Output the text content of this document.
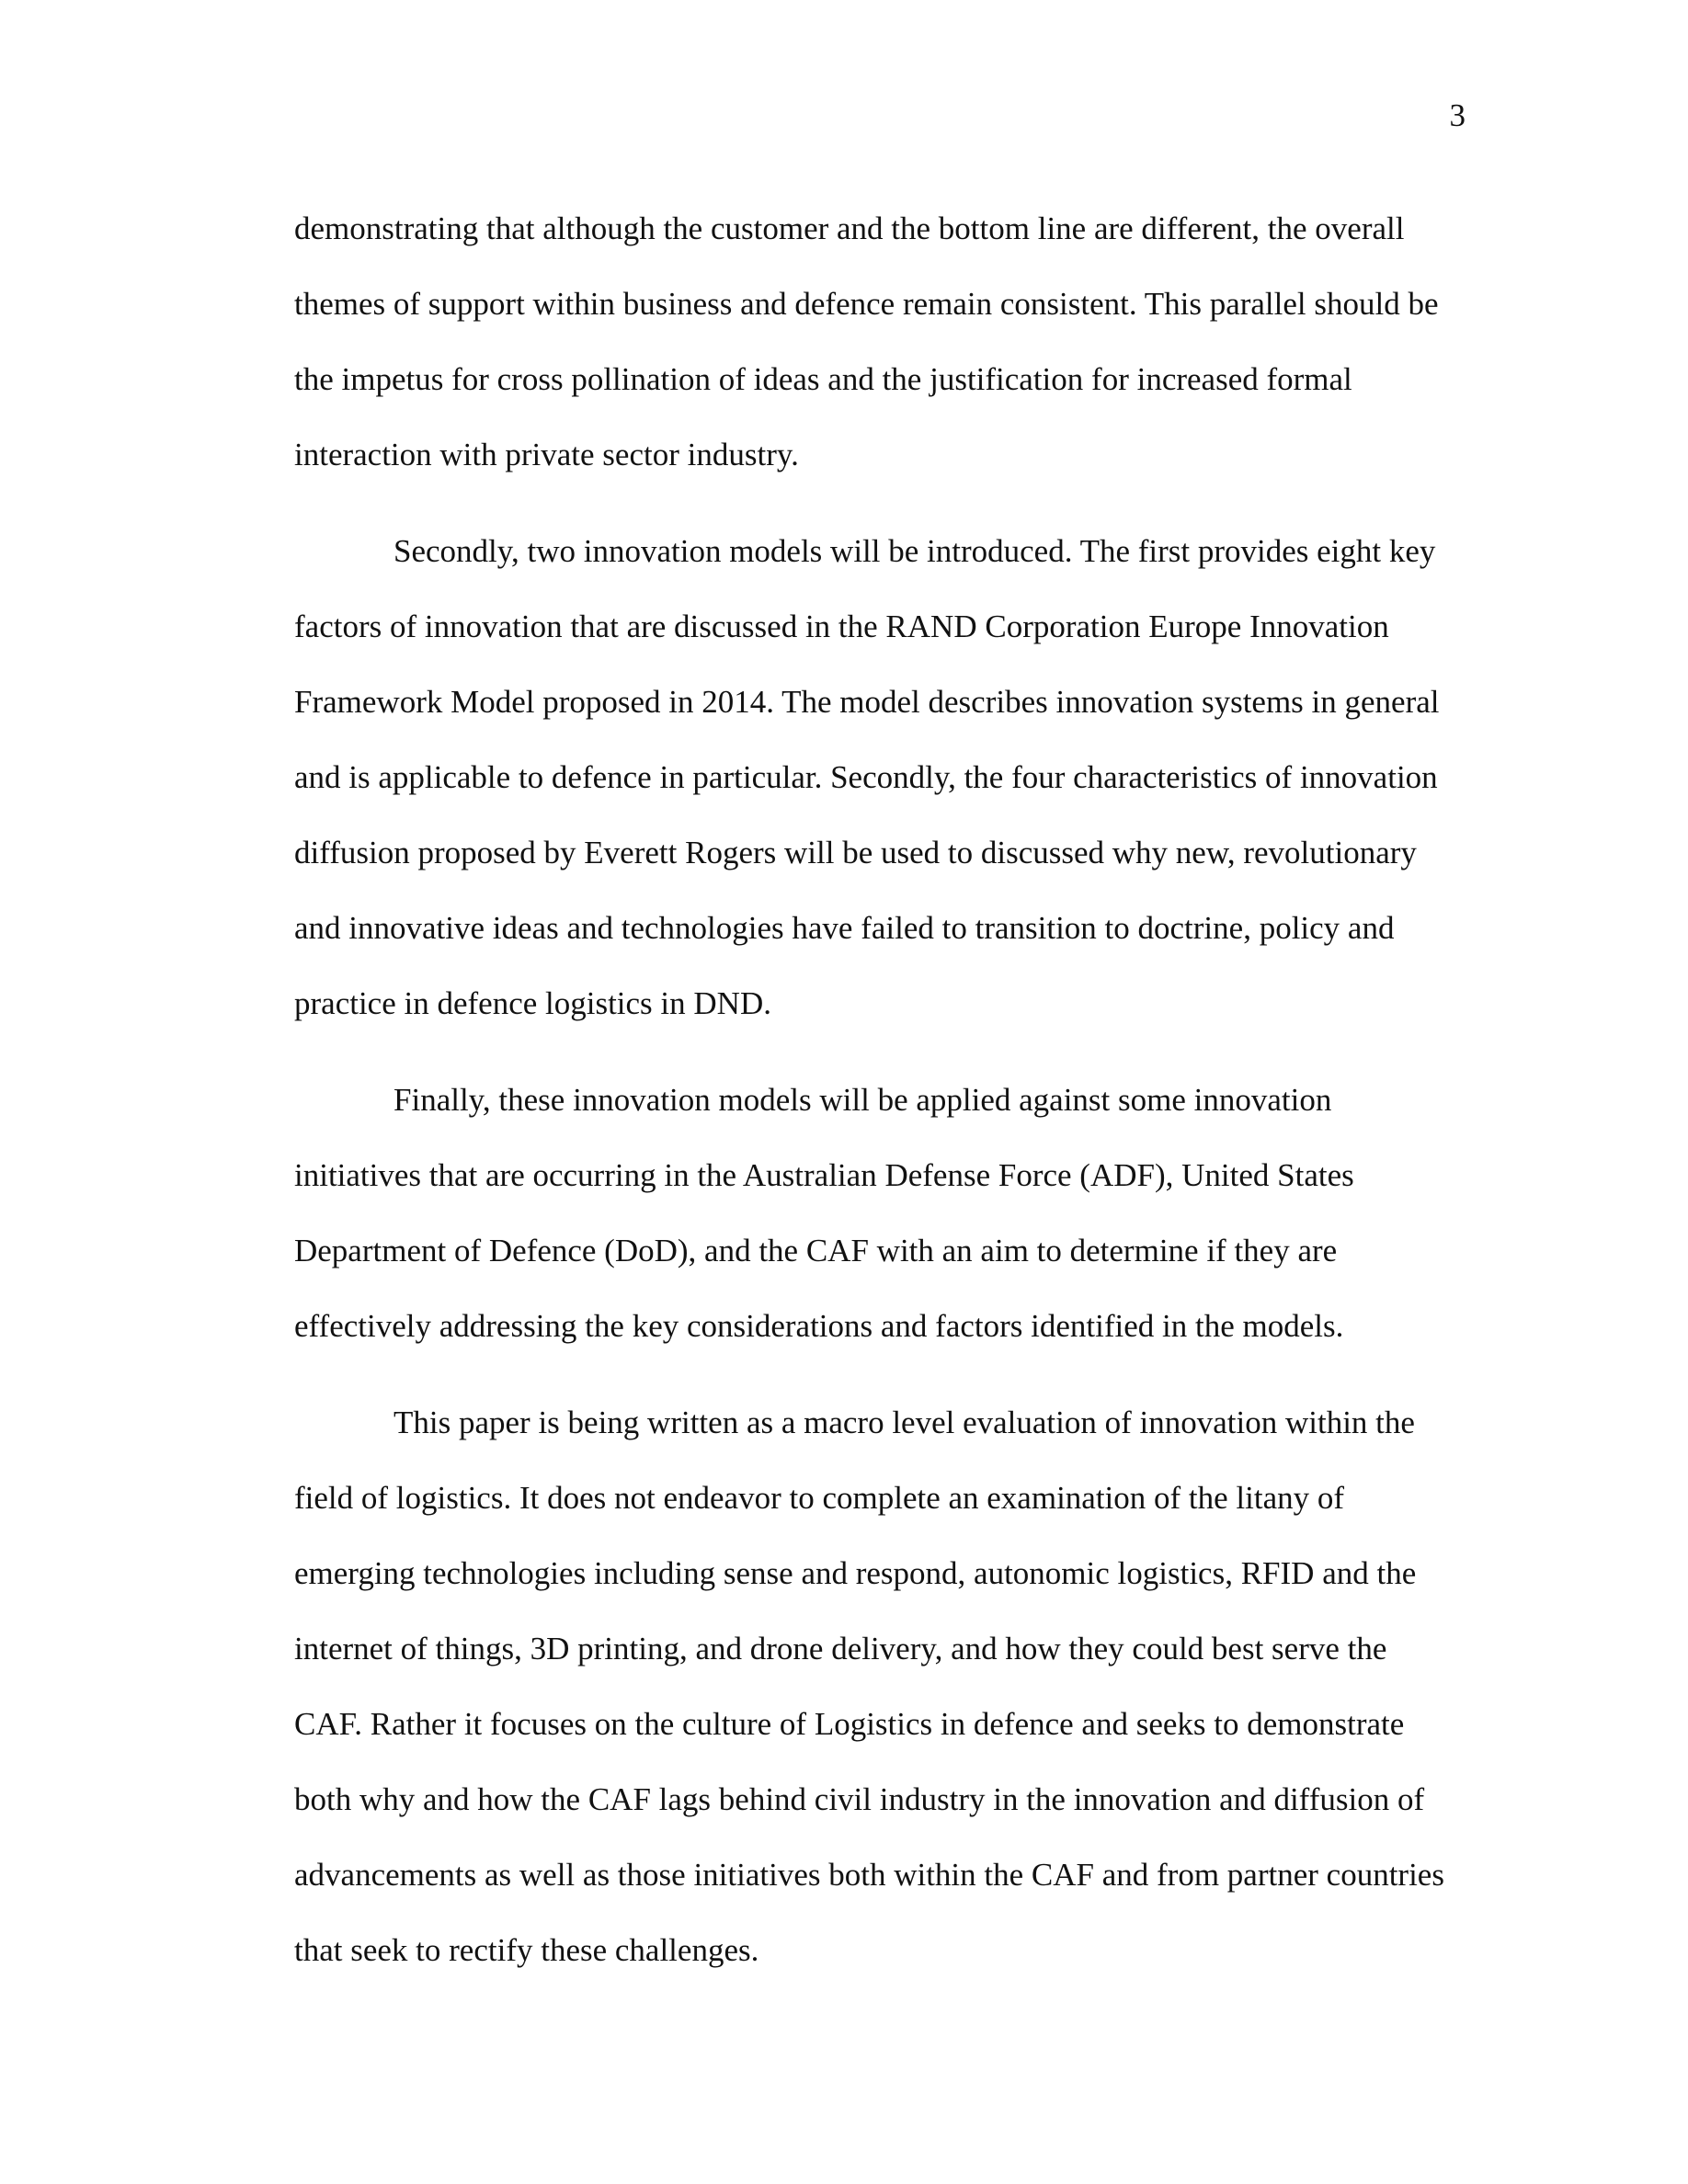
3
demonstrating that although the customer and the bottom line are different, the overall
themes of support within business and defence remain consistent. This parallel should be
the impetus for cross pollination of ideas and the justification for increased formal
interaction with private sector industry.
Secondly, two innovation models will be introduced. The first provides eight key
factors of innovation that are discussed in the RAND Corporation Europe Innovation
Framework Model proposed in 2014. The model describes innovation systems in general
and is applicable to defence in particular. Secondly, the four characteristics of innovation
diffusion proposed by Everett Rogers will be used to discussed why new, revolutionary
and innovative ideas and technologies have failed to transition to doctrine, policy and
practice in defence logistics in DND.
Finally, these innovation models will be applied against some innovation
initiatives that are occurring in the Australian Defense Force (ADF), United States
Department of Defence (DoD), and the CAF with an aim to determine if they are
effectively addressing the key considerations and factors identified in the models.
This paper is being written as a macro level evaluation of innovation within the
field of logistics. It does not endeavor to complete an examination of the litany of
emerging technologies including sense and respond, autonomic logistics, RFID and the
internet of things, 3D printing, and drone delivery, and how they could best serve the
CAF. Rather it focuses on the culture of Logistics in defence and seeks to demonstrate
both why and how the CAF lags behind civil industry in the innovation and diffusion of
advancements as well as those initiatives both within the CAF and from partner countries
that seek to rectify these challenges.
